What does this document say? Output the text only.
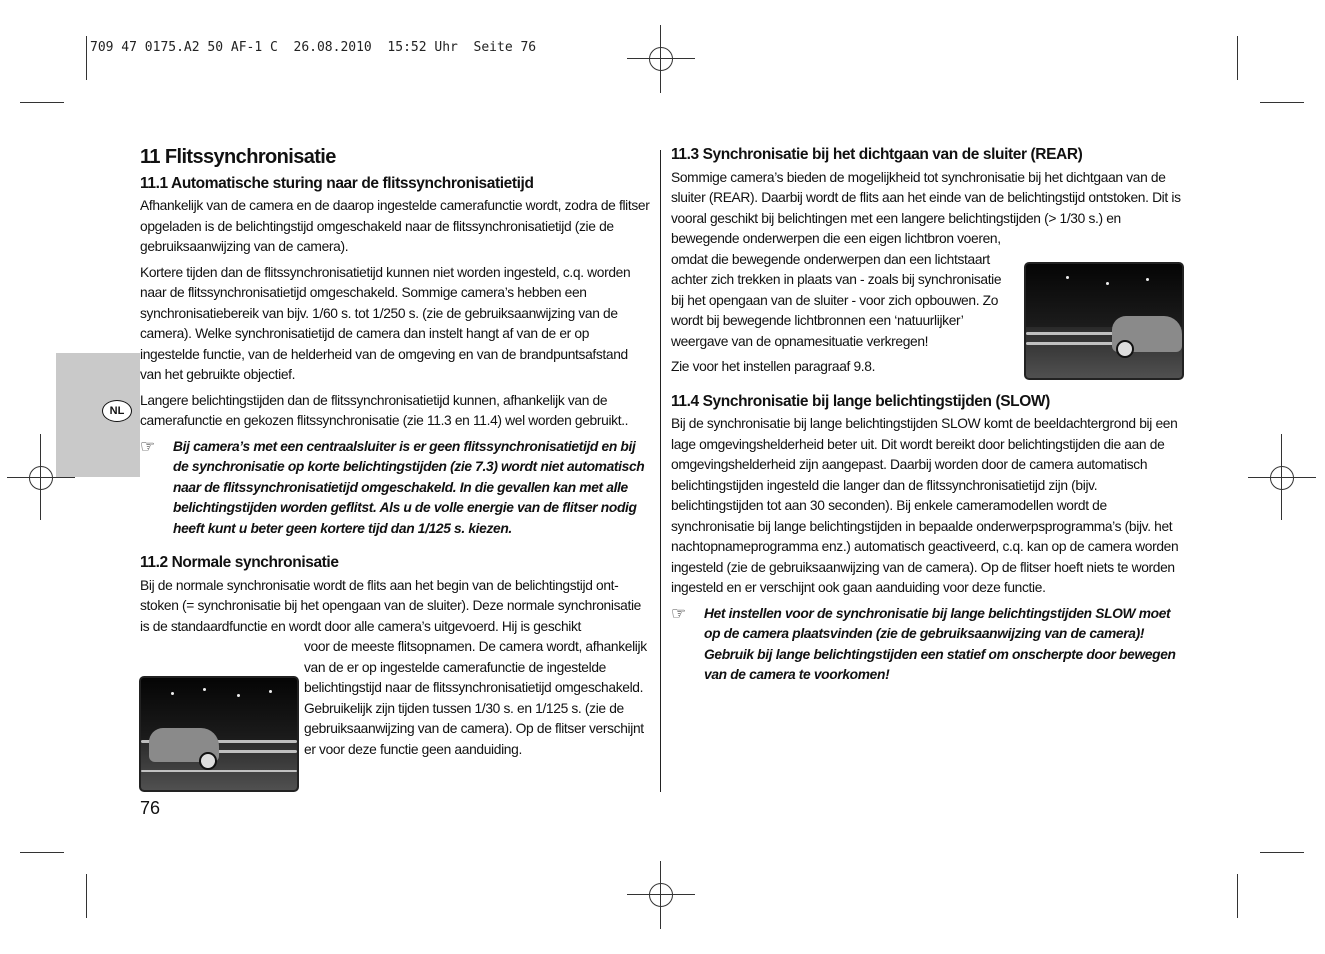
709 47 0175.A2 50 AF-1 C  26.08.2010  15:52 Uhr  Seite 76
NL
11 Flitssynchronisatie
11.1 Automatische sturing naar de flitssynchronisatietijd

Afhankelijk van de camera en de daarop ingestelde camerafunctie wordt, zodra de flitser opgeladen is de belichtingstijd omgeschakeld naar de flitssynchronisatietijd (zie de gebruiksaanwijzing van de camera).

Kortere tijden dan de flitssynchronisatietijd kunnen niet worden ingesteld, c.q. worden naar de flitssynchronisatietijd omgeschakeld. Sommige camera’s hebben een synchronisatiebereik van bijv. 1/60 s. tot 1/250 s. (zie de gebruiksaanwijzing van de camera). Welke synchronisatietijd de camera dan instelt hangt af van de er op ingestelde functie, van de helderheid van de omgeving en van de brandpuntsafstand van het gebruikte objectief.

Langere belichtingstijden dan de flitssynchronisatietijd kunnen, afhankelijk van de camerafunctie en gekozen flitssynchronisatie (zie 11.3 en 11.4) wel worden gebruikt..

☞ Bij camera’s met een centraalsluiter is er geen flitssynchronisatietijd en bij de synchronisatie op korte belichtingstijden (zie 7.3) wordt niet automatisch naar de flitssynchronisatietijd omgeschakeld. In die gevallen kan met alle belichtingstijden worden geflitst. Als u de volle energie van de flitser nodig heeft kunt u beter geen kortere tijd dan 1/125 s. kiezen.

11.2 Normale synchronisatie

Bij de normale synchronisatie wordt de flits aan het begin van de belichtingstijd ontstoken (= synchronisatie bij het opengaan van de sluiter). Deze normale synchronisatie is de standaardfunctie en wordt door alle camera’s uitgevoerd. Hij is geschikt

voor de meeste flitsopnamen. De camera wordt, afhankelijk van de er op ingestelde camerafunctie de ingestelde belichtingstijd naar de flitssynchronisatietijd omgeschakeld. Gebruikelijk zijn tijden tussen 1/30 s. en 1/125 s. (zie de gebruiksaanwijzing van de camera). Op de flitser verschijnt er voor deze functie geen aanduiding.

11.3 Synchronisatie bij het dichtgaan van de sluiter (REAR)

Sommige camera’s bieden de mogelijkheid tot synchronisatie bij het dichtgaan van de sluiter (REAR). Daarbij wordt de flits aan het einde van de belichtingstijd ontstoken. Dit is vooral geschikt bij belichtingen met een langere belichtingstijden (> 1/30 s.) en bewegende onderwerpen die een eigen lichtbron voeren,

omdat die bewegende onderwerpen dan een lichtstaart achter zich trekken in plaats van - zoals bij synchronisatie bij het opengaan van de sluiter - voor zich opbouwen. Zo wordt bij bewegende lichtbronnen een ‘natuurlijker’ weergave van de opnamesituatie verkregen!

Zie voor het instellen paragraaf 9.8.

11.4 Synchronisatie bij lange belichtingstijden (SLOW)

Bij de synchronisatie bij lange belichtingstijden SLOW komt de beeldachtergrond bij een lage omgevingshelderheid beter uit. Dit wordt bereikt door belichtingstijden die aan de omgevingshelderheid zijn aangepast. Daarbij worden door de camera automatisch belichtingstijden ingesteld die langer dan de flitssynchronisatietijd zijn (bijv. belichtingstijden tot aan 30 seconden). Bij enkele cameramodellen wordt de synchronisatie bij lange belichtingstijden in bepaalde onderwerpsprogramma’s (bijv. het nachtopnameprogramma enz.) automatisch geactiveerd, c.q. kan op de camera worden ingesteld (zie de gebruiksaanwijzing van de camera). Op de flitser hoeft niets te worden ingesteld en er verschijnt ook gaan aanduiding voor deze functie.

☞ Het instellen voor de synchronisatie bij lange belichtingstijden SLOW moet op de camera plaatsvinden (zie de gebruiksaanwijzing van de camera)! Gebruik bij lange belichtingstijden een statief om onscherpte door bewegen van de camera te voorkomen!

76
